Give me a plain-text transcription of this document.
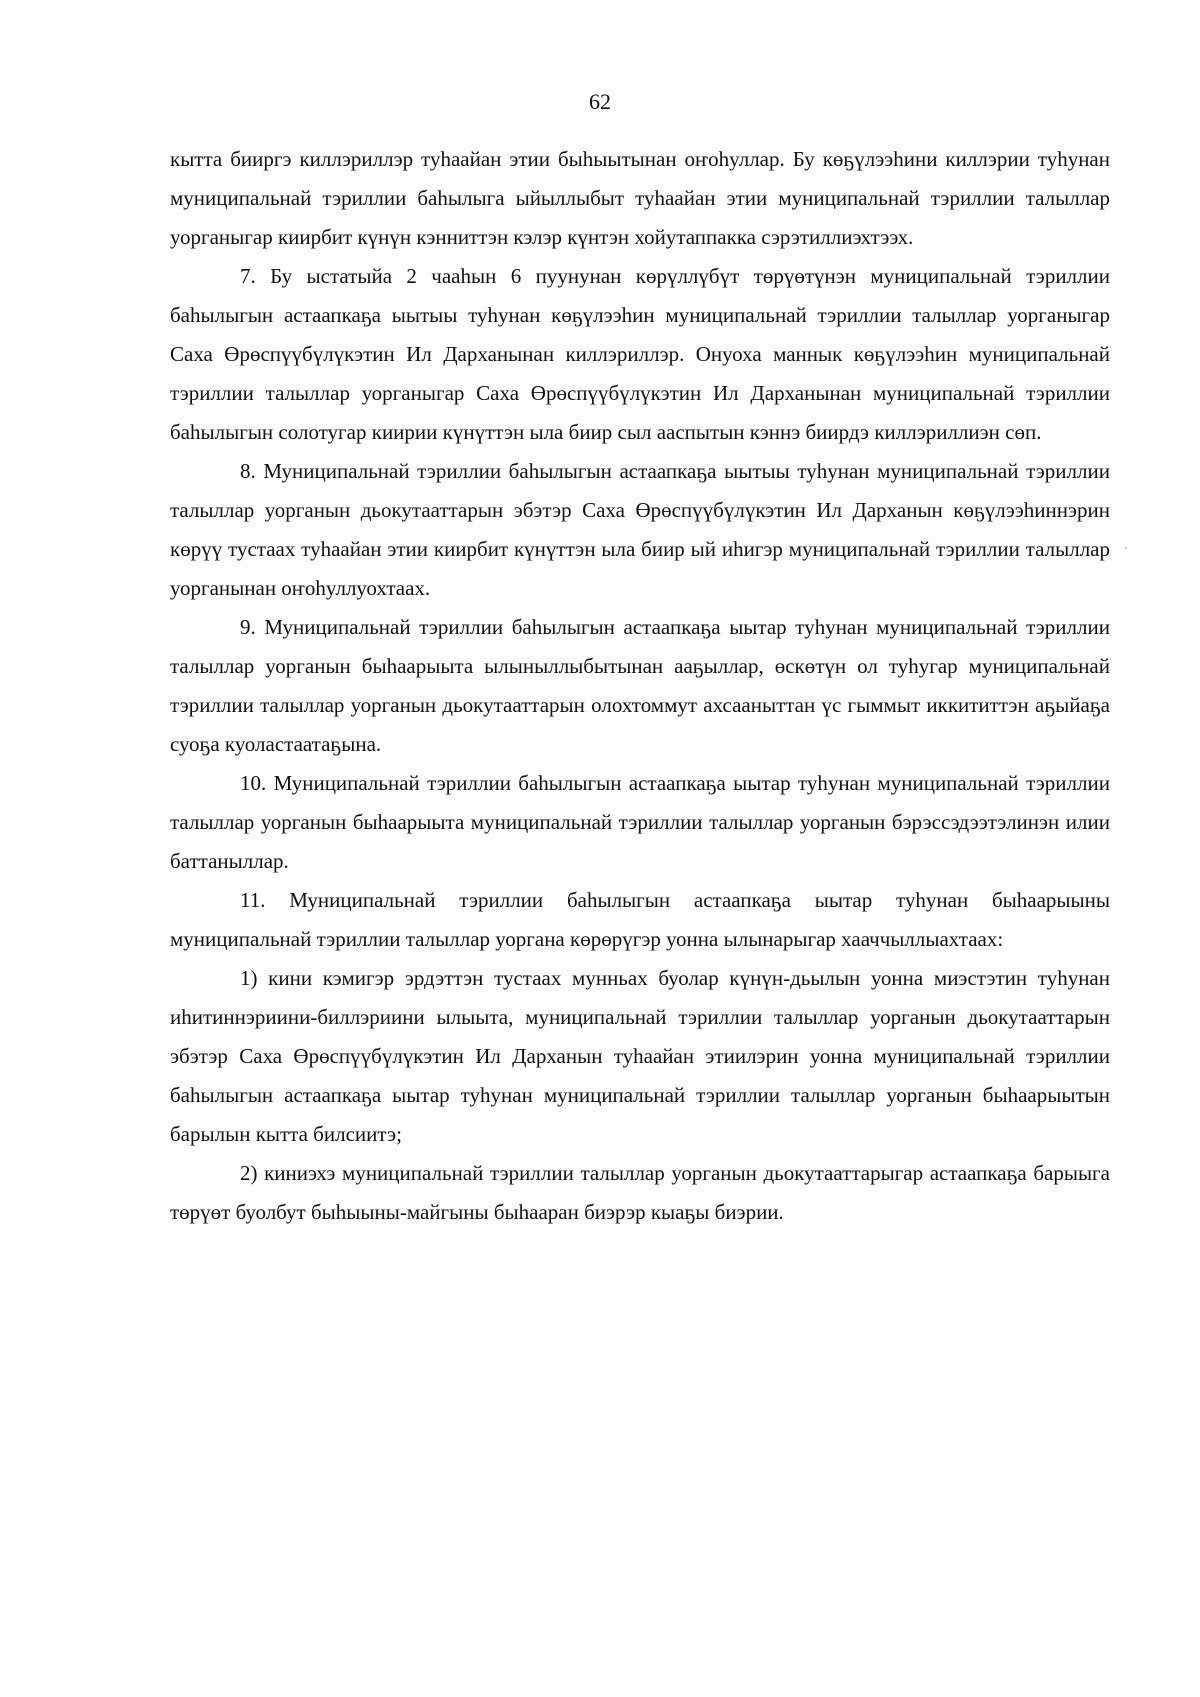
62

кытта бииргэ киллэриллэр туhаайан этии быhыытынан оҥоhуллар. Бу көҕүлээhини киллэрии туhунан муниципальнай тэриллии баhылыга ыйыллыбыт туhаайан этии муниципальнай тэриллии талыллар уорганыгар киирбит күнүн кэнниттэн кэлэр күнтэн хойутаппакка сэрэтиллиэхтээх.

7. Бу ыстатыйа 2 чааhын 6 пуунунан көрүллүбүт төрүөтүнэн муниципальнай тэриллии баhылыгын астаапкаҕа ыытыы туhунан көҕүлээhин муниципальнай тэриллии талыллар уорганыгар Саха Өрөспүүбүлүкэтин Ил Дарханынан киллэриллэр. Онуоха маннык көҕүлээhин муниципальнай тэриллии талыллар уорганыгар Саха Өрөспүүбүлүкэтин Ил Дарханынан муниципальнай тэриллии баhылыгын солотугар киирии күнүттэн ыла биир сыл ааспытын кэннэ биирдэ киллэриллиэн сөп.

8. Муниципальнай тэриллии баhылыгын астаапкаҕа ыытыы туhунан муниципальнай тэриллии талыллар уорганын дьокутааттарын эбэтэр Саха Өрөспүүбүлүкэтин Ил Дарханын көҕүлээhиннэрин көрүү тустаах туhаайан этии киирбит күнүттэн ыла биир ый иhигэр муниципальнай тэриллии талыллар уорганынан оҥоhуллуохтаах.

9. Муниципальнай тэриллии баhылыгын астаапкаҕа ыытар туhунан муниципальнай тэриллии талыллар уорганын быhаарыыта ылыныллыбытынан ааҕыллар, өскөтүн ол туhугар муниципальнай тэриллии талыллар уорганын дьокутааттарын олохтоммут ахсааныттан үс гыммыт иккититтэн аҕыйаҕа суоҕа куоластаатаҕына.

10. Муниципальнай тэриллии баhылыгын астаапкаҕа ыытар туhунан муниципальнай тэриллии талыллар уорганын быhаарыыта муниципальнай тэриллии талыллар уорганын бэрэссэдээтэлинэн илии баттаныллар.

11. Муниципальнай тэриллии баhылыгын астаапкаҕа ыытар туhунан быhаарыыны муниципальнай тэриллии талыллар уоргана көрөрүгэр уонна ылынарыгар хааччыллыахтаах:

1) кини кэмигэр эрдэттэн тустаах мунньах буолар күнүн-дьылын уонна миэстэтин туhунан иhитиннэриини-биллэриини ылыыта, муниципальнай тэриллии талыллар уорганын дьокутааттарын эбэтэр Саха Өрөспүүбүлүкэтин Ил Дарханын туhаайан этиилэрин уонна муниципальнай тэриллии баhылыгын астаапкаҕа ыытар туhунан муниципальнай тэриллии талыллар уорганын быhаарыытын барылын кытта билсиитэ;

2) киниэхэ муниципальнай тэриллии талыллар уорганын дьокутааттарыгар астаапкаҕа барыыга төрүөт буолбут быhыыны-майгыны быhааран биэрэр кыаҕы биэрии.
